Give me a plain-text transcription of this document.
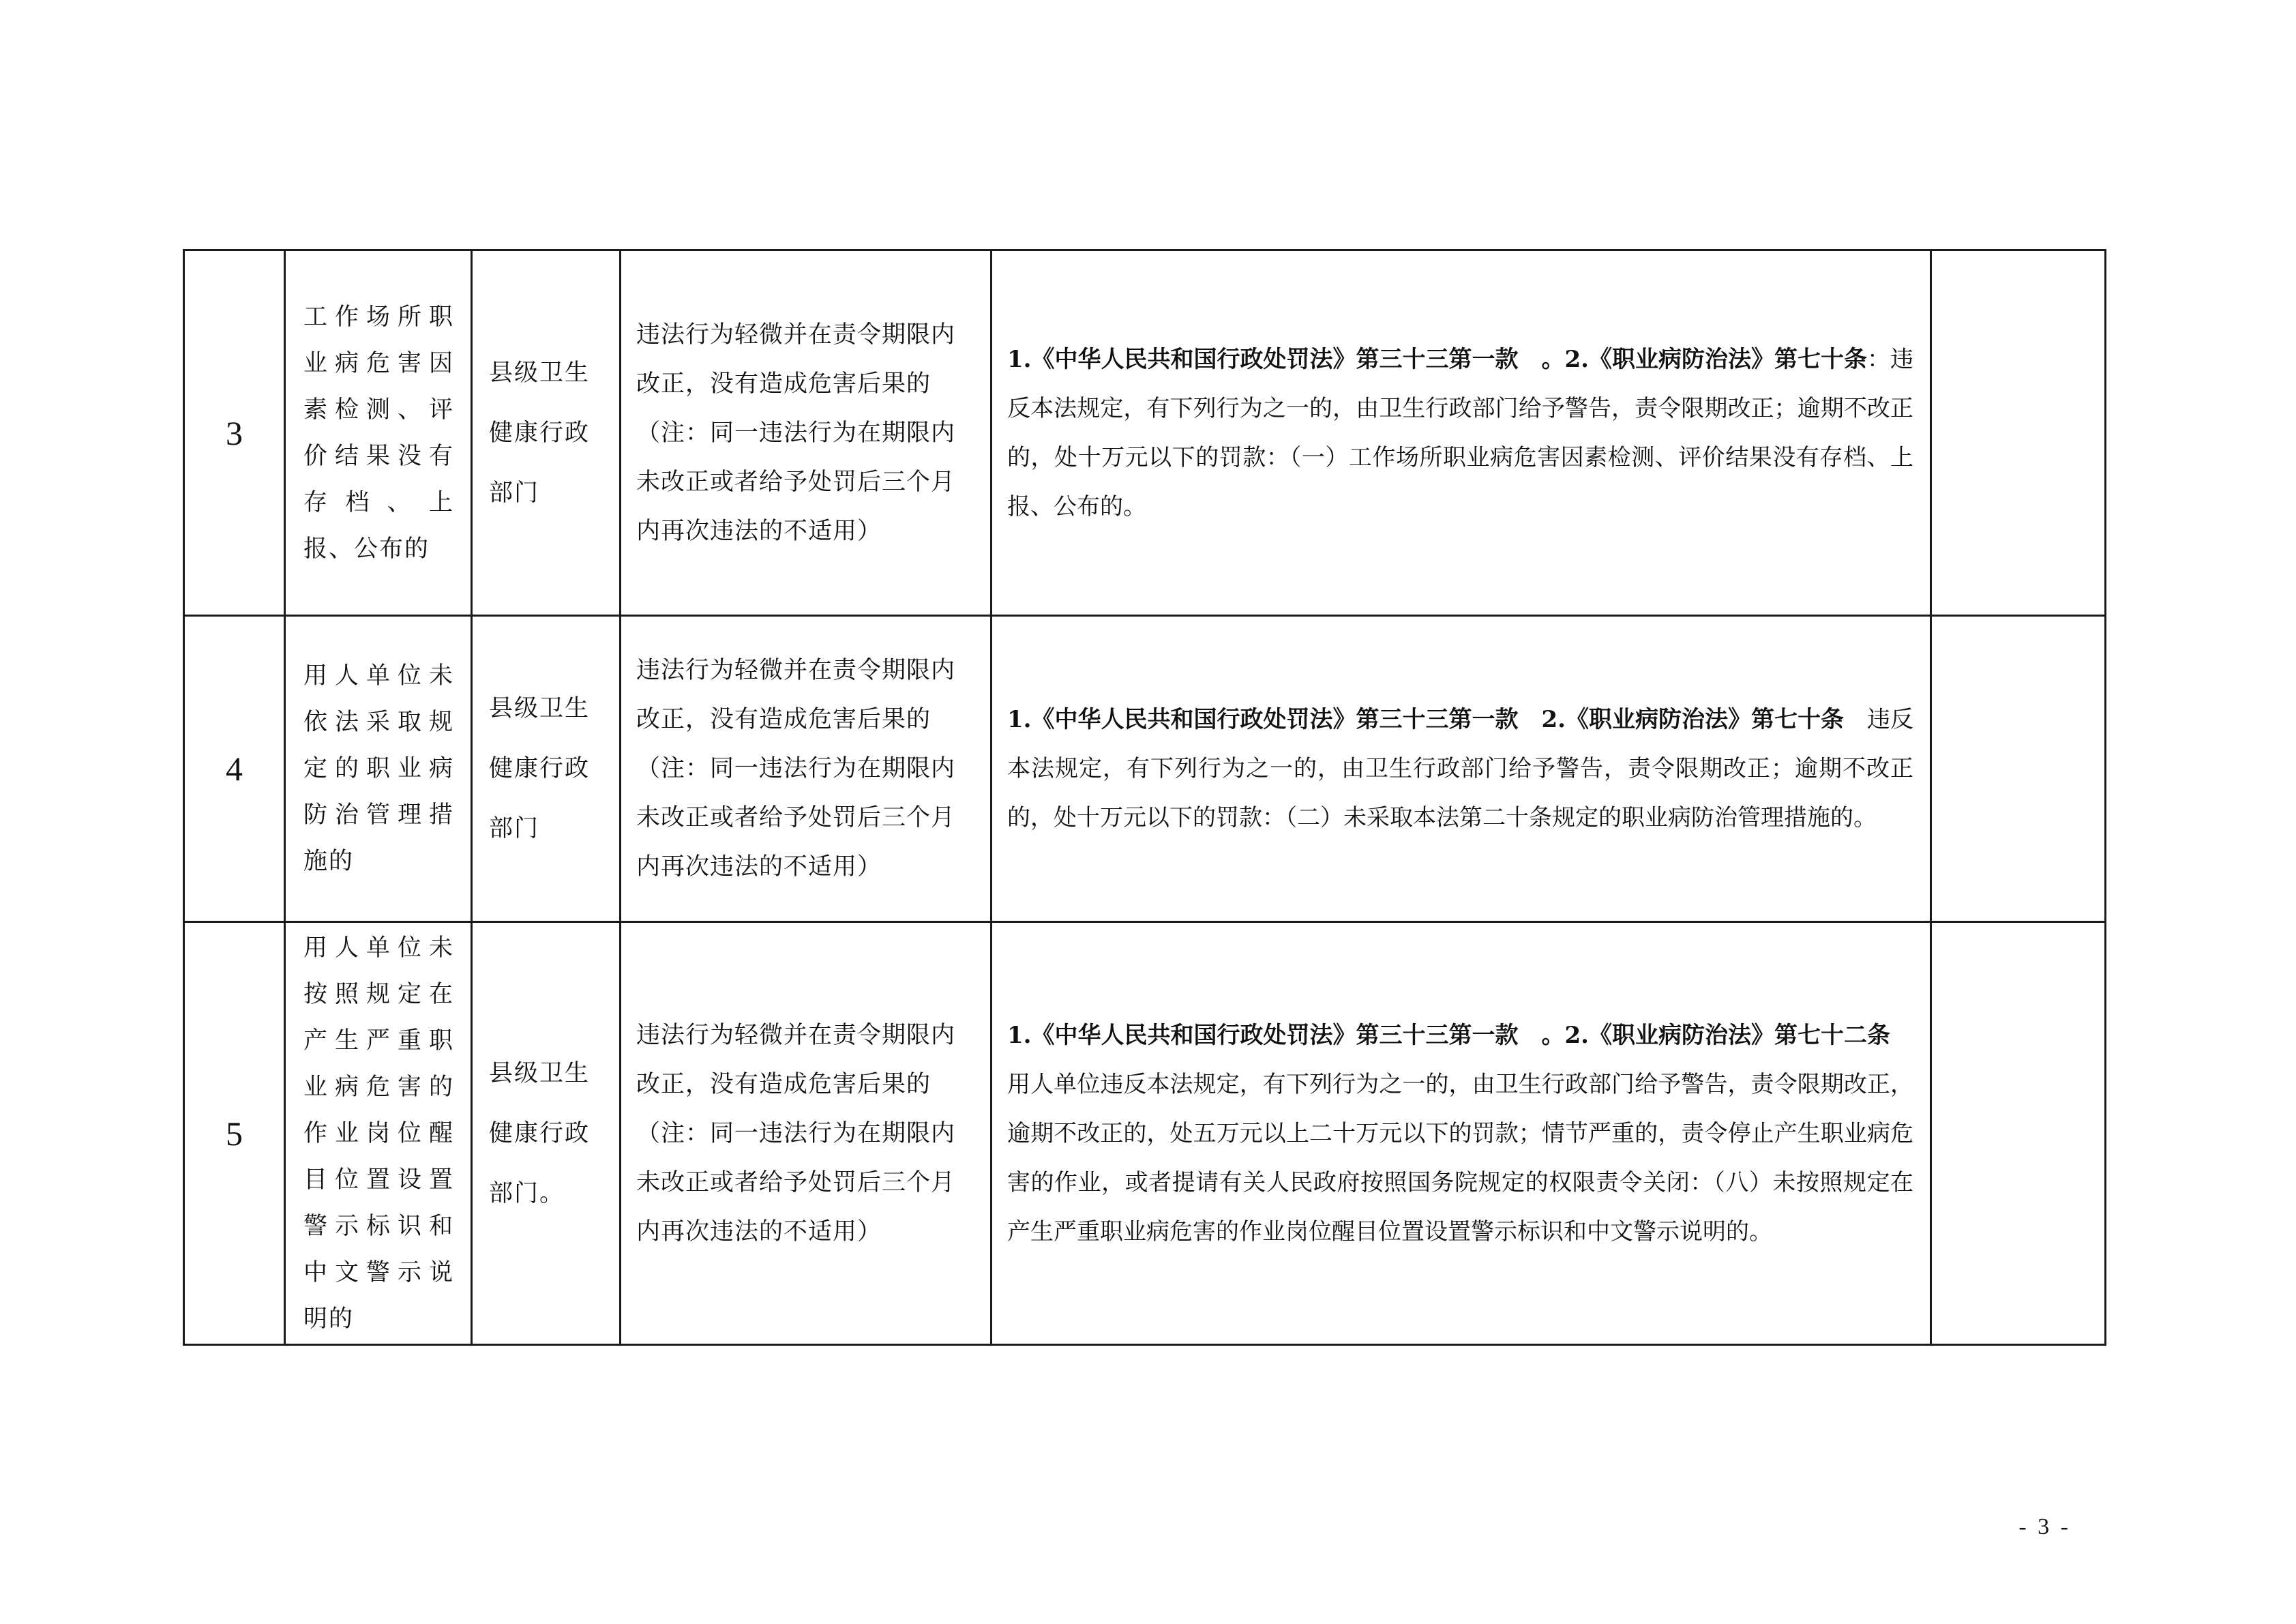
3	工作场所职业病危害因素检测、评价结果没有存档、上报、公布的	县级卫生健康行政部门	违法行为轻微并在责令期限内改正，没有造成危害后果的（注：同一违法行为在期限内未改正或者给予处罚后三个月内再次违法的不适用）	1.《中华人民共和国行政处罚法》第三十三第一款　。2.《职业病防治法》第七十条：违反本法规定，有下列行为之一的，由卫生行政部门给予警告，责令限期改正；逾期不改正的，处十万元以下的罚款：（一）工作场所职业病危害因素检测、评价结果没有存档、上报、公布的。	
4	用人单位未依法采取规定的职业病防治管理措施的	县级卫生健康行政部门	违法行为轻微并在责令期限内改正，没有造成危害后果的（注：同一违法行为在期限内未改正或者给予处罚后三个月内再次违法的不适用）	1.《中华人民共和国行政处罚法》第三十三第一款　2.《职业病防治法》第七十条　违反本法规定，有下列行为之一的，由卫生行政部门给予警告，责令限期改正；逾期不改正的，处十万元以下的罚款：（二）未采取本法第二十条规定的职业病防治管理措施的。	
5	用人单位未按照规定在产生严重职业病危害的作业岗位醒目位置设置警示标识和中文警示说明的	县级卫生健康行政部门。	违法行为轻微并在责令期限内改正，没有造成危害后果的（注：同一违法行为在期限内未改正或者给予处罚后三个月内再次违法的不适用）	1.《中华人民共和国行政处罚法》第三十三第一款　。2.《职业病防治法》第七十二条　用人单位违反本法规定，有下列行为之一的，由卫生行政部门给予警告，责令限期改正，逾期不改正的，处五万元以上二十万元以下的罚款；情节严重的，责令停止产生职业病危害的作业，或者提请有关人民政府按照国务院规定的权限责令关闭：（八）未按照规定在产生严重职业病危害的作业岗位醒目位置设置警示标识和中文警示说明的。	
- 3 -
